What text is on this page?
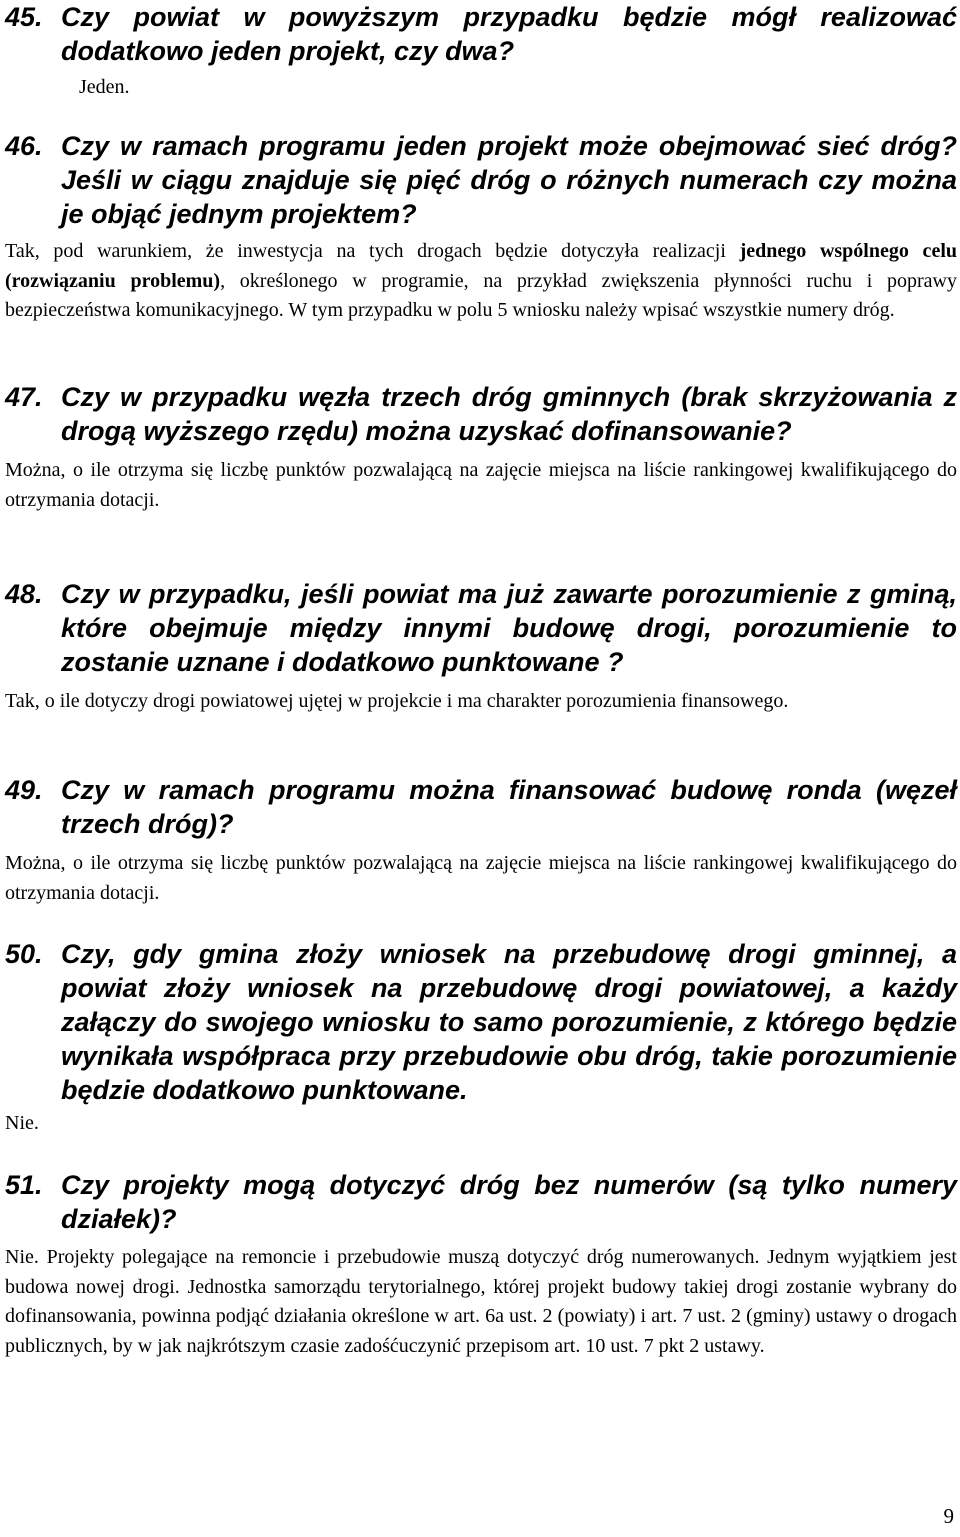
45. Czy powiat w powyższym przypadku będzie mógł realizować dodatkowo jeden projekt, czy dwa?

Jeden.

46. Czy w ramach programu jeden projekt może obejmować sieć dróg? Jeśli w ciągu znajduje się pięć dróg o różnych numerach czy można je objąć jednym projektem?

Tak, pod warunkiem, że inwestycja na tych drogach będzie dotyczyła realizacji jednego wspólnego celu (rozwiązaniu problemu), określonego w programie, na przykład zwiększenia płynności ruchu i poprawy bezpieczeństwa komunikacyjnego. W tym przypadku w polu 5 wniosku należy wpisać wszystkie numery dróg.

47. Czy w przypadku węzła trzech dróg gminnych (brak skrzyżowania z drogą wyższego rzędu) można uzyskać dofinansowanie?

Można, o ile otrzyma się liczbę punktów pozwalającą na zajęcie miejsca na liście rankingowej kwalifikującego do otrzymania dotacji.

48. Czy w przypadku, jeśli powiat ma już zawarte porozumienie z gminą, które obejmuje między innymi budowę drogi, porozumienie to zostanie uznane i dodatkowo punktowane ?

Tak, o ile dotyczy drogi powiatowej ujętej w projekcie i ma charakter porozumienia finansowego.

49. Czy w ramach programu można finansować budowę ronda (węzeł trzech dróg)?

Można, o ile otrzyma się liczbę punktów pozwalającą na zajęcie miejsca na liście rankingowej kwalifikującego do otrzymania dotacji.

50. Czy, gdy gmina złoży wniosek na przebudowę drogi gminnej, a powiat złoży wniosek na przebudowę drogi powiatowej, a każdy załączy do swojego wniosku to samo porozumienie, z którego będzie wynikała współpraca przy przebudowie obu dróg, takie porozumienie będzie dodatkowo punktowane.

Nie.

51. Czy projekty mogą dotyczyć dróg bez numerów (są tylko numery działek)?

Nie. Projekty polegające na remoncie i przebudowie muszą dotyczyć dróg numerowanych. Jednym wyjątkiem jest budowa nowej drogi. Jednostka samorządu terytorialnego, której projekt budowy takiej drogi zostanie wybrany do dofinansowania, powinna podjąć działania określone w art. 6a ust. 2 (powiaty) i art. 7 ust. 2 (gminy) ustawy o drogach publicznych, by w jak najkrótszym czasie zadośćuczynić przepisom art. 10 ust. 7 pkt 2 ustawy.

9
